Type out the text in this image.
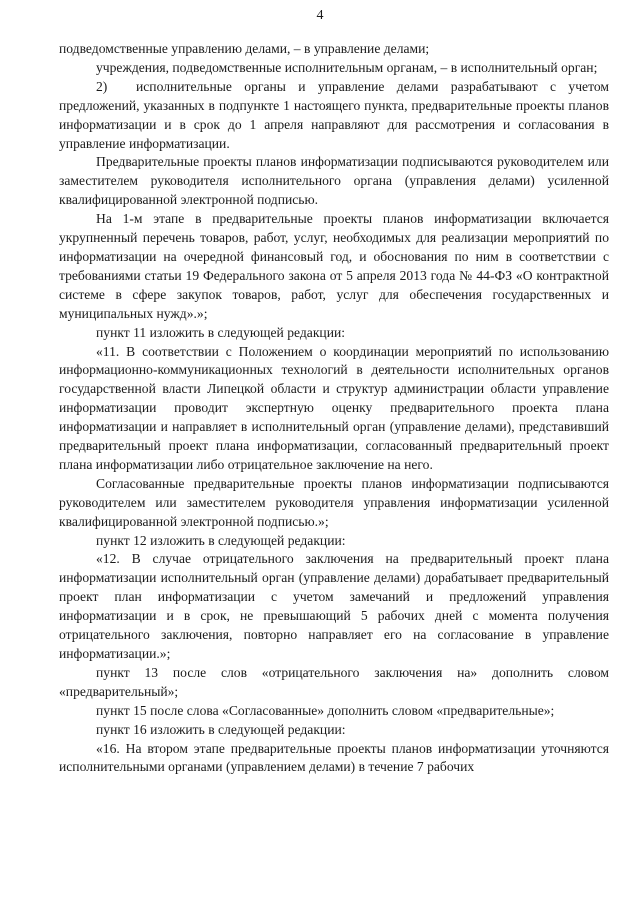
4

подведомственные управлению делами, – в управление делами;

учреждения, подведомственные исполнительным органам, – в исполнительный орган;

2) исполнительные органы и управление делами разрабатывают с учетом предложений, указанных в подпункте 1 настоящего пункта, предварительные проекты планов информатизации и в срок до 1 апреля направляют для рассмотрения и согласования в управление информатизации.

Предварительные проекты планов информатизации подписываются руководителем или заместителем руководителя исполнительного органа (управления делами) усиленной квалифицированной электронной подписью.

На 1-м этапе в предварительные проекты планов информатизации включается укрупненный перечень товаров, работ, услуг, необходимых для реализации мероприятий по информатизации на очередной финансовый год, и обоснования по ним в соответствии с требованиями статьи 19 Федерального закона от 5 апреля 2013 года № 44-ФЗ «О контрактной системе в сфере закупок товаров, работ, услуг для обеспечения государственных и муниципальных нужд».»;

пункт 11 изложить в следующей редакции:

«11. В соответствии с Положением о координации мероприятий по использованию информационно-коммуникационных технологий в деятельности исполнительных органов государственной власти Липецкой области и структур администрации области управление информатизации проводит экспертную оценку предварительного проекта плана информатизации и направляет в исполнительный орган (управление делами), представивший предварительный проект плана информатизации, согласованный предварительный проект плана информатизации либо отрицательное заключение на него.

Согласованные предварительные проекты планов информатизации подписываются руководителем или заместителем руководителя управления информатизации усиленной квалифицированной электронной подписью.»;

пункт 12 изложить в следующей редакции:

«12. В случае отрицательного заключения на предварительный проект плана информатизации исполнительный орган (управление делами) дорабатывает предварительный проект план информатизации с учетом замечаний и предложений управления информатизации и в срок, не превышающий 5 рабочих дней с момента получения отрицательного заключения, повторно направляет его на согласование в управление информатизации.»;

пункт 13 после слов «отрицательного заключения на» дополнить словом «предварительный»;

пункт 15 после слова «Согласованные» дополнить словом «предварительные»;

пункт 16 изложить в следующей редакции:

«16. На втором этапе предварительные проекты планов информатизации уточняются исполнительными органами (управлением делами) в течение 7 рабочих
